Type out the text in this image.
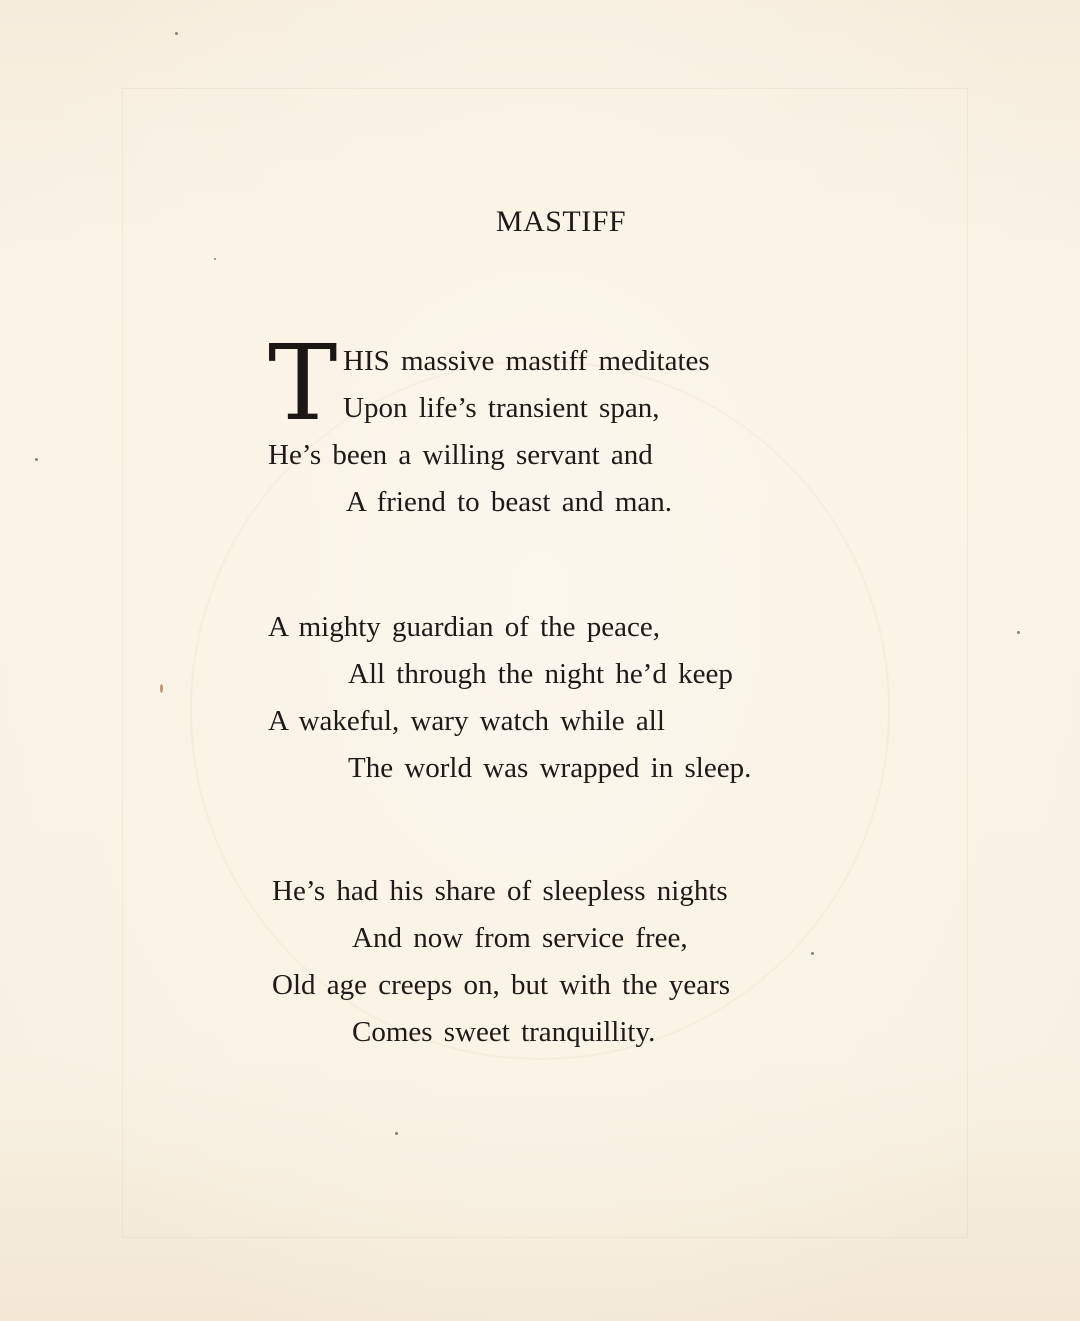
MASTIFF
T HIS massive mastiff meditates
Upon life’s transient span,
He’s been a willing servant and
A friend to beast and man.
A mighty guardian of the peace,
All through the night he’d keep
A wakeful, wary watch while all
The world was wrapped in sleep.
He’s had his share of sleepless nights
And now from service free,
Old age creeps on, but with the years
Comes sweet tranquillity.
